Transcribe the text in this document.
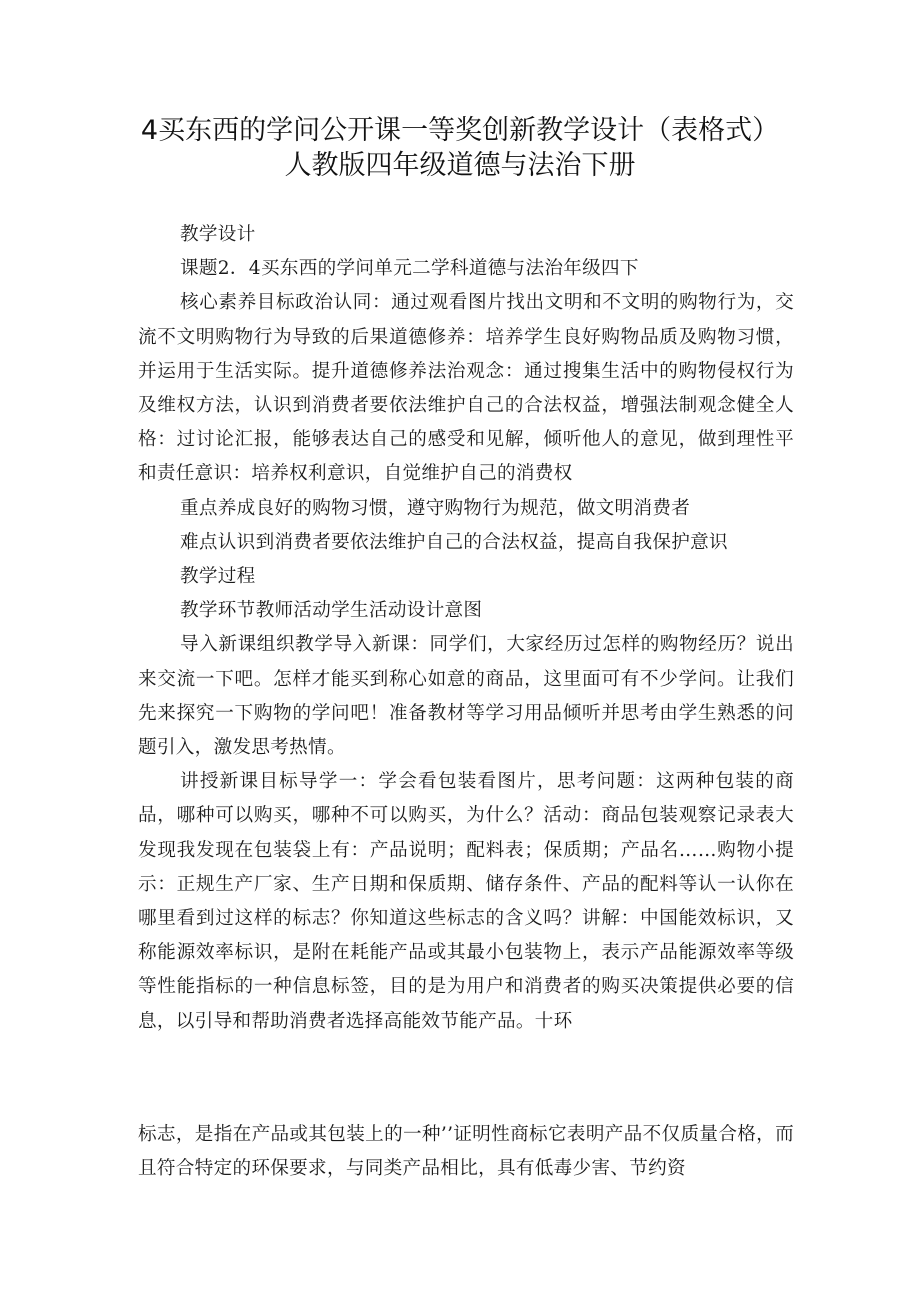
4买东西的学问公开课一等奖创新教学设计（表格式）
人教版四年级道德与法治下册

教学设计

课题2．4买东西的学问单元二学科道德与法治年级四下

核心素养目标政治认同：通过观看图片找出文明和不文明的购物行为，交流不文明购物行为导致的后果道德修养：培养学生良好购物品质及购物习惯，并运用于生活实际。提升道德修养法治观念：通过搜集生活中的购物侵权行为及维权方法，认识到消费者要依法维护自己的合法权益，增强法制观念健全人格：过讨论汇报，能够表达自己的感受和见解，倾听他人的意见，做到理性平和责任意识：培养权利意识，自觉维护自己的消费权

重点养成良好的购物习惯，遵守购物行为规范，做文明消费者

难点认识到消费者要依法维护自己的合法权益，提高自我保护意识

教学过程

教学环节教师活动学生活动设计意图

导入新课组织教学导入新课：同学们，大家经历过怎样的购物经历？说出来交流一下吧。怎样才能买到称心如意的商品，这里面可有不少学问。让我们先来探究一下购物的学问吧！准备教材等学习用品倾听并思考由学生熟悉的问题引入，激发思考热情。

讲授新课目标导学一：学会看包装看图片，思考问题：这两种包装的商品，哪种可以购买，哪种不可以购买，为什么？活动：商品包装观察记录表大发现我发现在包装袋上有：产品说明；配料表；保质期；产品名……购物小提示：正规生产厂家、生产日期和保质期、储存条件、产品的配料等认一认你在哪里看到过这样的标志？你知道这些标志的含义吗？讲解：中国能效标识，又称能源效率标识，是附在耗能产品或其最小包装物上，表示产品能源效率等级等性能指标的一种信息标签，目的是为用户和消费者的购买决策提供必要的信息，以引导和帮助消费者选择高能效节能产品。十环

标志，是指在产品或其包装上的一种’’证明性商标它表明产品不仅质量合格，而且符合特定的环保要求，与同类产品相比，具有低毒少害、节约资
